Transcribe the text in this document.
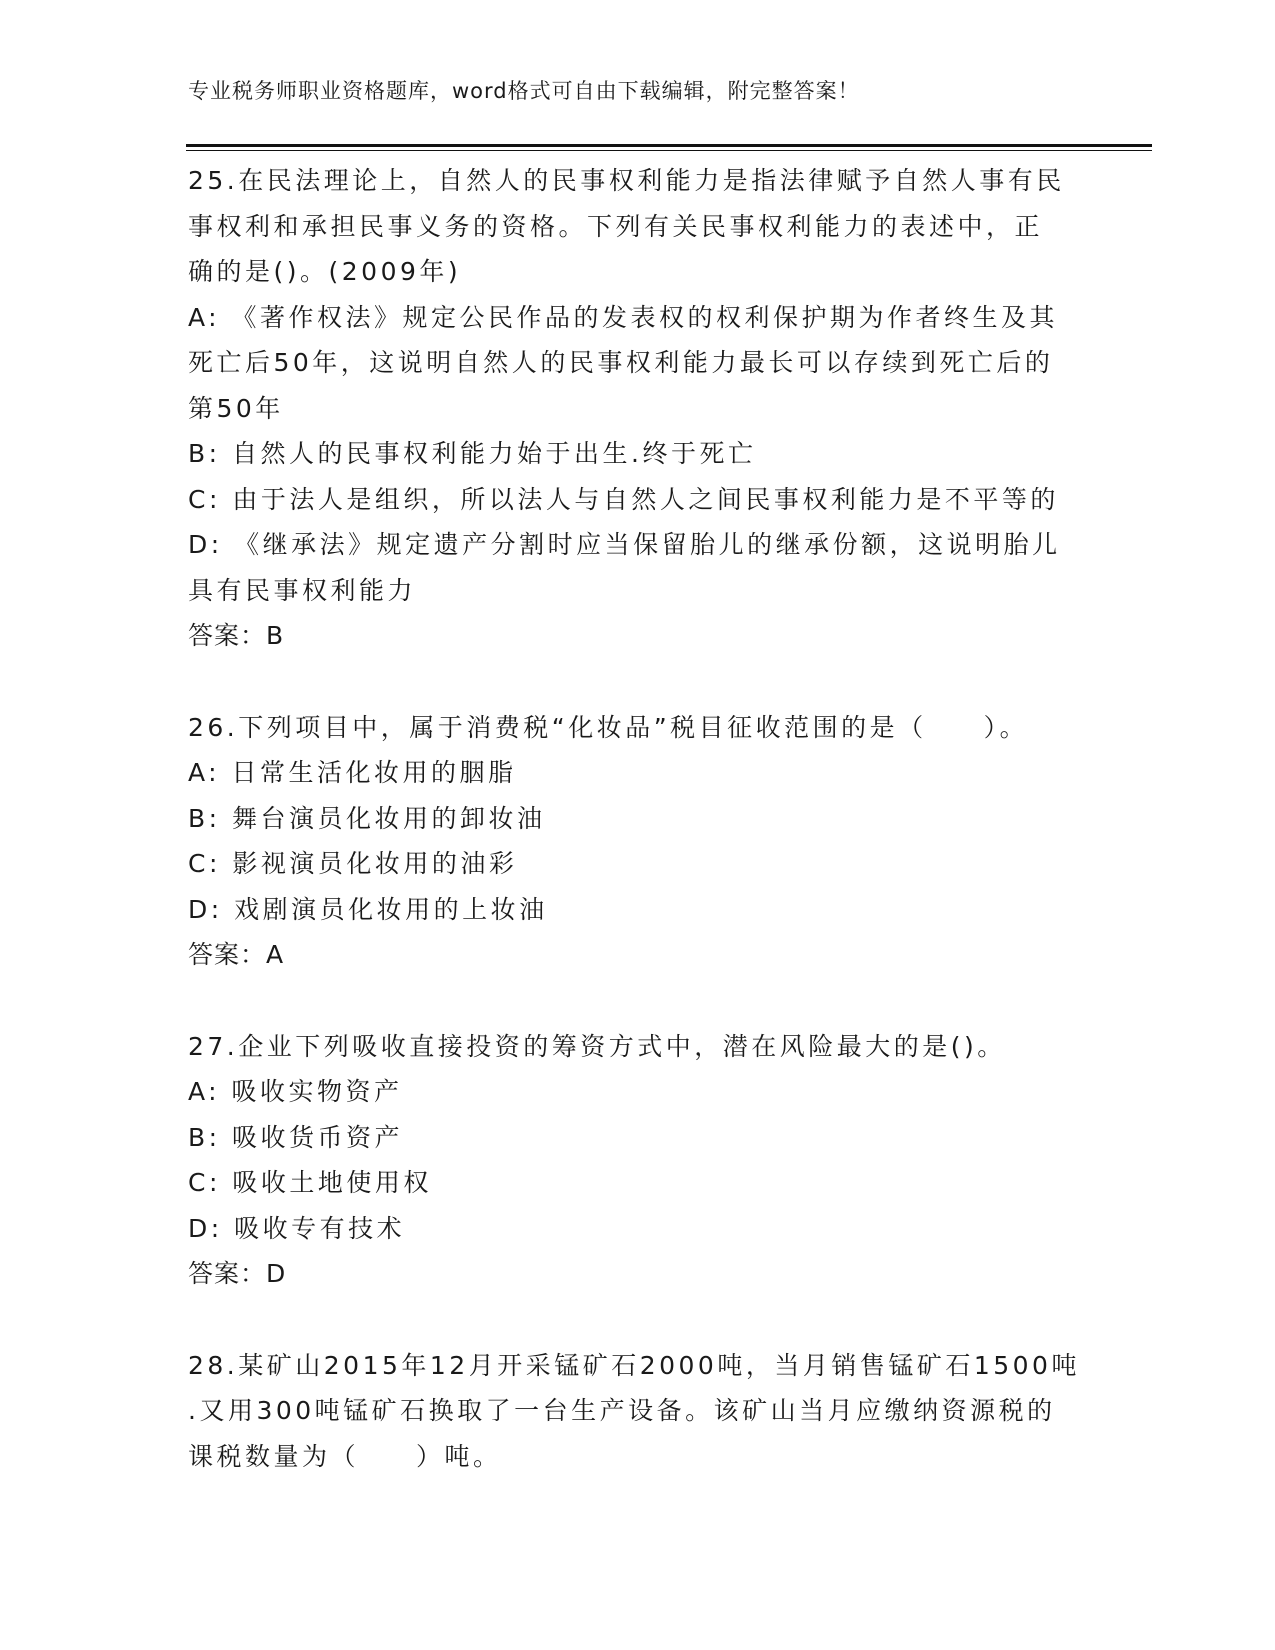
专业税务师职业资格题库，word格式可自由下载编辑，附完整答案！
25.在民法理论上，自然人的民事权利能力是指法律赋予自然人事有民
事权利和承担民事义务的资格。下列有关民事权利能力的表述中，正
确的是()。(2009年)
A: 《著作权法》规定公民作品的发表权的权利保护期为作者终生及其
死亡后50年，这说明自然人的民事权利能力最长可以存续到死亡后的
第50年
B: 自然人的民事权利能力始于出生.终于死亡
C: 由于法人是组织，所以法人与自然人之间民事权利能力是不平等的
D: 《继承法》规定遗产分割时应当保留胎儿的继承份额，这说明胎儿
具有民事权利能力
答案：B
26.下列项目中，属于消费税“化妆品”税目征收范围的是（　　）。
A: 日常生活化妆用的胭脂
B: 舞台演员化妆用的卸妆油
C: 影视演员化妆用的油彩
D: 戏剧演员化妆用的上妆油
答案：A
27.企业下列吸收直接投资的筹资方式中，潜在风险最大的是()。
A: 吸收实物资产
B: 吸收货币资产
C: 吸收土地使用权
D: 吸收专有技术
答案：D
28.某矿山2015年12月开采锰矿石2000吨，当月销售锰矿石1500吨
.又用300吨锰矿石换取了一台生产设备。该矿山当月应缴纳资源税的
课税数量为（　　）吨。
